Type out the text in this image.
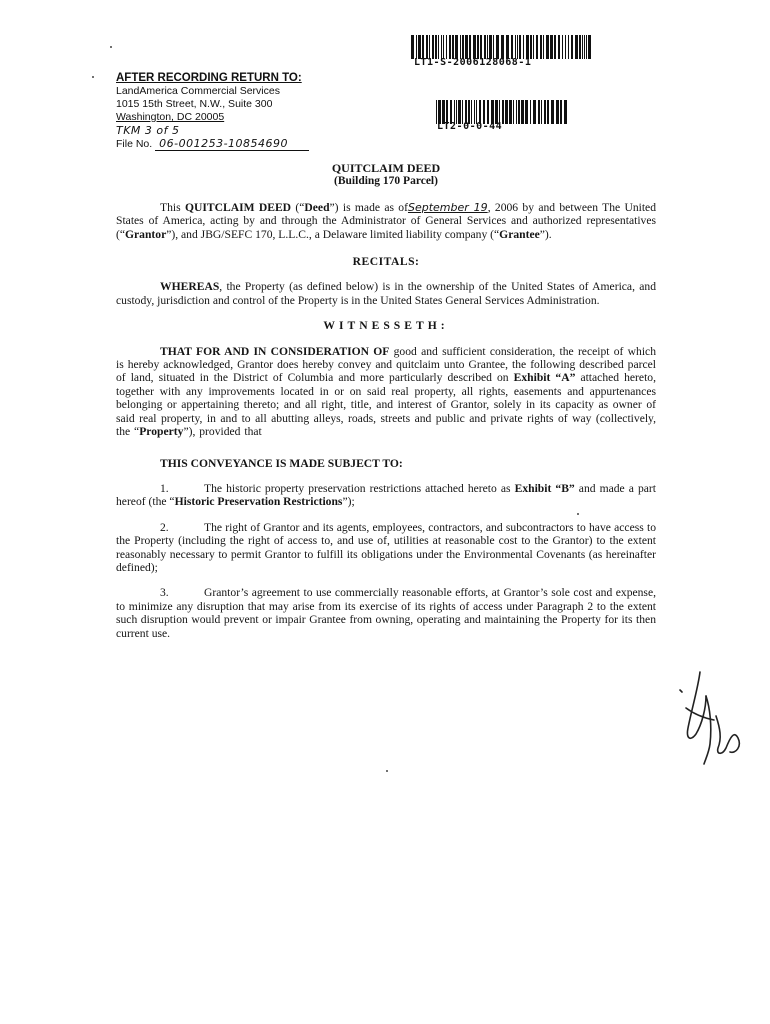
LT1-S-2006128068-1
LT2-0-0-44
AFTER RECORDING RETURN TO:
LandAmerica Commercial Services
1015 15th Street, N.W., Suite 300
Washington, DC 20005
TKM 3 of 5
File No. 06-001253-10854690
QUITCLAIM DEED
(Building 170 Parcel)

This QUITCLAIM DEED (“Deed”) is made as ofSeptember 19, 2006 by and between The United States of America, acting by and through the Administrator of General Services and authorized representatives (“Grantor”), and JBG/SEFC 170, L.L.C., a Delaware limited liability company (“Grantee”).

RECITALS:

WHEREAS, the Property (as defined below) is in the ownership of the United States of America, and custody, jurisdiction and control of the Property is in the United States General Services Administration.

WITNESSETH:

THAT FOR AND IN CONSIDERATION OF good and sufficient consideration, the receipt of which is hereby acknowledged, Grantor does hereby convey and quitclaim unto Grantee, the following described parcel of land, situated in the District of Columbia and more particularly described on Exhibit “A” attached hereto, together with any improvements located in or on said real property, all rights, easements and appurtenances belonging or appertaining thereto; and all right, title, and interest of Grantor, solely in its capacity as owner of said real property, in and to all abutting alleys, roads, streets and public and private rights of way (collectively, the “Property”), provided that

THIS CONVEYANCE IS MADE SUBJECT TO:

1.	The historic property preservation restrictions attached hereto as Exhibit “B” and made a part hereof (the “Historic Preservation Restrictions”);

2.	The right of Grantor and its agents, employees, contractors, and subcontractors to have access to the Property (including the right of access to, and use of, utilities at reasonable cost to the Grantor) to the extent reasonably necessary to permit Grantor to fulfill its obligations under the Environmental Covenants (as hereinafter defined);

3.	Grantor’s agreement to use commercially reasonable efforts, at Grantor’s sole cost and expense, to minimize any disruption that may arise from its exercise of its rights of access under Paragraph 2 to the extent such disruption would prevent or impair Grantee from owning, operating and maintaining the Property for its then current use.
